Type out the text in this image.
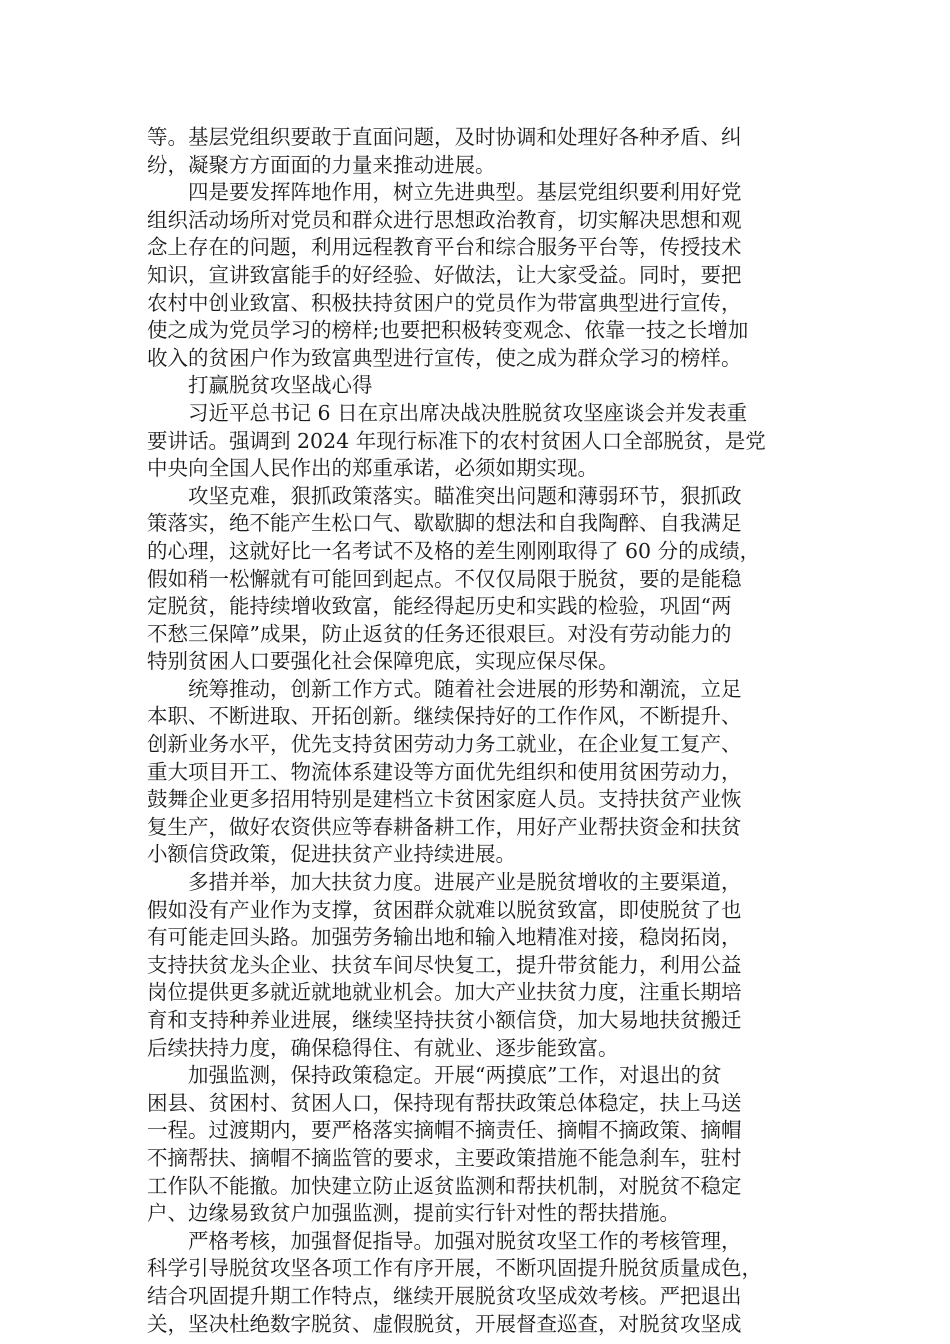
等。基层党组织要敢于直面问题，及时协调和处理好各种矛盾、纠
纷，凝聚方方面面的力量来推动进展。
四是要发挥阵地作用，树立先进典型。基层党组织要利用好党
组织活动场所对党员和群众进行思想政治教育，切实解决思想和观
念上存在的问题，利用远程教育平台和综合服务平台等，传授技术
知识，宣讲致富能手的好经验、好做法，让大家受益。同时，要把
农村中创业致富、积极扶持贫困户的党员作为带富典型进行宣传，
使之成为党员学习的榜样;也要把积极转变观念、依靠一技之长增加
收入的贫困户作为致富典型进行宣传，使之成为群众学习的榜样。
打赢脱贫攻坚战心得
习近平总书记 6 日在京出席决战决胜脱贫攻坚座谈会并发表重
要讲话。强调到 2024 年现行标准下的农村贫困人口全部脱贫，是党
中央向全国人民作出的郑重承诺，必须如期实现。
攻坚克难，狠抓政策落实。瞄准突出问题和薄弱环节，狠抓政
策落实，绝不能产生松口气、歇歇脚的想法和自我陶醉、自我满足
的心理，这就好比一名考试不及格的差生刚刚取得了 60 分的成绩，
假如稍一松懈就有可能回到起点。不仅仅局限于脱贫，要的是能稳
定脱贫，能持续增收致富，能经得起历史和实践的检验，巩固“两
不愁三保障”成果，防止返贫的任务还很艰巨。对没有劳动能力的
特别贫困人口要强化社会保障兜底，实现应保尽保。
统筹推动，创新工作方式。随着社会进展的形势和潮流，立足
本职、不断进取、开拓创新。继续保持好的工作作风，不断提升、
创新业务水平，优先支持贫困劳动力务工就业，在企业复工复产、
重大项目开工、物流体系建设等方面优先组织和使用贫困劳动力，
鼓舞企业更多招用特别是建档立卡贫困家庭人员。支持扶贫产业恢
复生产，做好农资供应等春耕备耕工作，用好产业帮扶资金和扶贫
小额信贷政策，促进扶贫产业持续进展。
多措并举，加大扶贫力度。进展产业是脱贫增收的主要渠道，
假如没有产业作为支撑，贫困群众就难以脱贫致富，即使脱贫了也
有可能走回头路。加强劳务输出地和输入地精准对接，稳岗拓岗，
支持扶贫龙头企业、扶贫车间尽快复工，提升带贫能力，利用公益
岗位提供更多就近就地就业机会。加大产业扶贫力度，注重长期培
育和支持种养业进展，继续坚持扶贫小额信贷，加大易地扶贫搬迁
后续扶持力度，确保稳得住、有就业、逐步能致富。
加强监测，保持政策稳定。开展“两摸底”工作，对退出的贫
困县、贫困村、贫困人口，保持现有帮扶政策总体稳定，扶上马送
一程。过渡期内，要严格落实摘帽不摘责任、摘帽不摘政策、摘帽
不摘帮扶、摘帽不摘监管的要求，主要政策措施不能急刹车，驻村
工作队不能撤。加快建立防止返贫监测和帮扶机制，对脱贫不稳定
户、边缘易致贫户加强监测，提前实行针对性的帮扶措施。
严格考核，加强督促指导。加强对脱贫攻坚工作的考核管理，
科学引导脱贫攻坚各项工作有序开展，不断巩固提升脱贫质量成色，
结合巩固提升期工作特点，继续开展脱贫攻坚成效考核。严把退出
关，坚决杜绝数字脱贫、虚假脱贫，开展督查巡查，对脱贫攻坚成
